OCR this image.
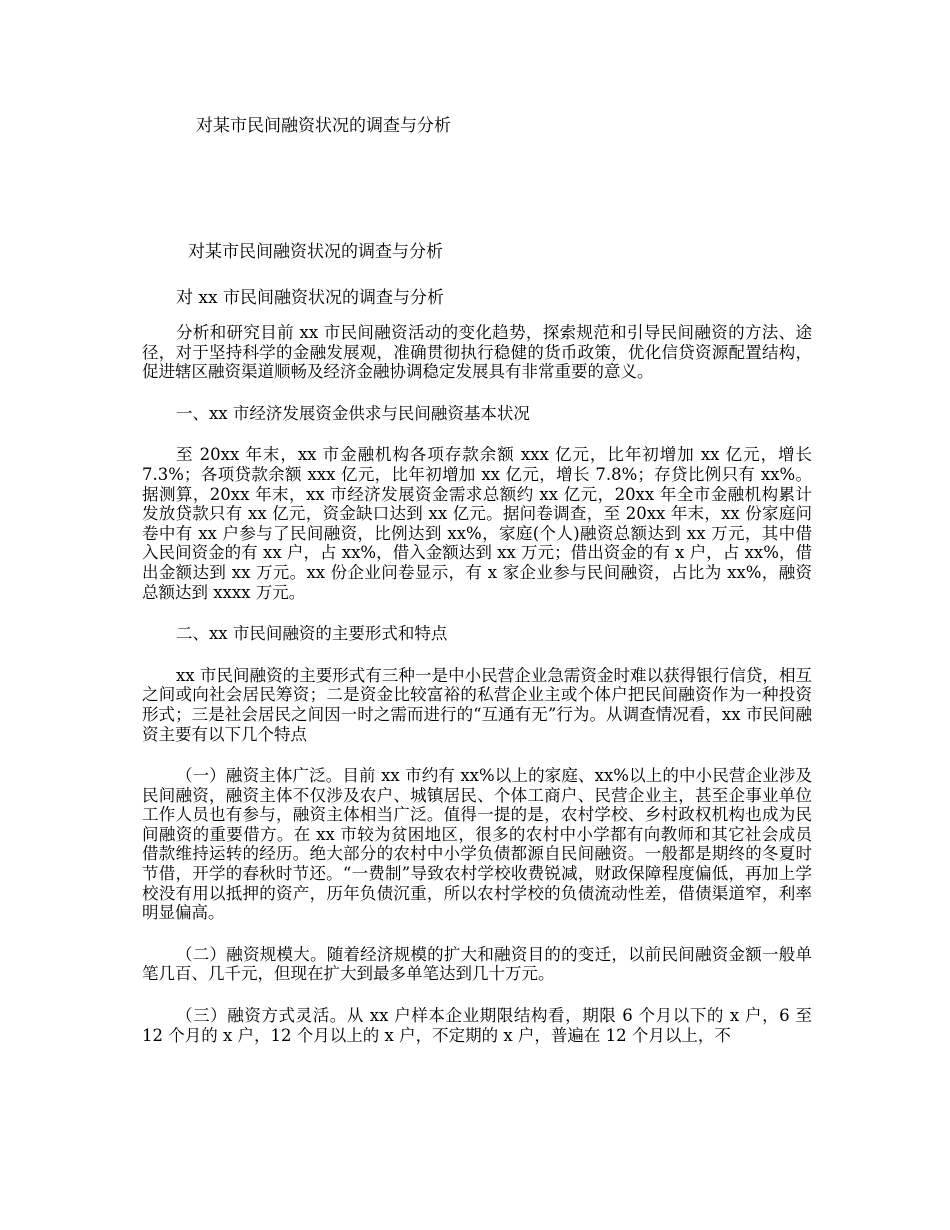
对某市民间融资状况的调查与分析
对某市民间融资状况的调查与分析
对 xx 市民间融资状况的调查与分析

分析和研究目前 xx 市民间融资活动的变化趋势，探索规范和引导民间融资的方法、途径，对于坚持科学的金融发展观，准确贯彻执行稳健的货币政策，优化信贷资源配置结构，促进辖区融资渠道顺畅及经济金融协调稳定发展具有非常重要的意义。

一、xx 市经济发展资金供求与民间融资基本状况

至 20xx 年末，xx 市金融机构各项存款余额 xxx 亿元，比年初增加 xx 亿元，增长 7.3%；各项贷款余额 xxx 亿元，比年初增加 xx 亿元，增长 7.8%；存贷比例只有 xx%。据测算，20xx 年末，xx 市经济发展资金需求总额约 xx 亿元，20xx 年全市金融机构累计发放贷款只有 xx 亿元，资金缺口达到 xx 亿元。据问卷调查，至 20xx 年末，xx 份家庭问卷中有 xx 户参与了民间融资，比例达到 xx%，家庭(个人)融资总额达到 xx 万元，其中借入民间资金的有 xx 户，占 xx%，借入金额达到 xx 万元；借出资金的有 x 户，占 xx%，借出金额达到 xx 万元。xx 份企业问卷显示，有 x 家企业参与民间融资，占比为 xx%，融资总额达到 xxxx 万元。

二、xx 市民间融资的主要形式和特点

xx 市民间融资的主要形式有三种一是中小民营企业急需资金时难以获得银行信贷，相互之间或向社会居民筹资；二是资金比较富裕的私营企业主或个体户把民间融资作为一种投资形式；三是社会居民之间因一时之需而进行的“互通有无”行为。从调查情况看，xx 市民间融资主要有以下几个特点

（一）融资主体广泛。目前 xx 市约有 xx%以上的家庭、xx%以上的中小民营企业涉及民间融资，融资主体不仅涉及农户、城镇居民、个体工商户、民营企业主，甚至企事业单位工作人员也有参与，融资主体相当广泛。值得一提的是，农村学校、乡村政权机构也成为民间融资的重要借方。在 xx 市较为贫困地区，很多的农村中小学都有向教师和其它社会成员借款维持运转的经历。绝大部分的农村中小学负债都源自民间融资。一般都是期终的冬夏时节借，开学的春秋时节还。“一费制”导致农村学校收费锐减，财政保障程度偏低，再加上学校没有用以抵押的资产，历年负债沉重，所以农村学校的负债流动性差，借债渠道窄，利率明显偏高。

（二）融资规模大。随着经济规模的扩大和融资目的的变迁，以前民间融资金额一般单笔几百、几千元，但现在扩大到最多单笔达到几十万元。

（三）融资方式灵活。从 xx 户样本企业期限结构看，期限 6 个月以下的 x 户，6 至 12 个月的 x 户，12 个月以上的 x 户，不定期的 x 户，普遍在 12 个月以上，不
